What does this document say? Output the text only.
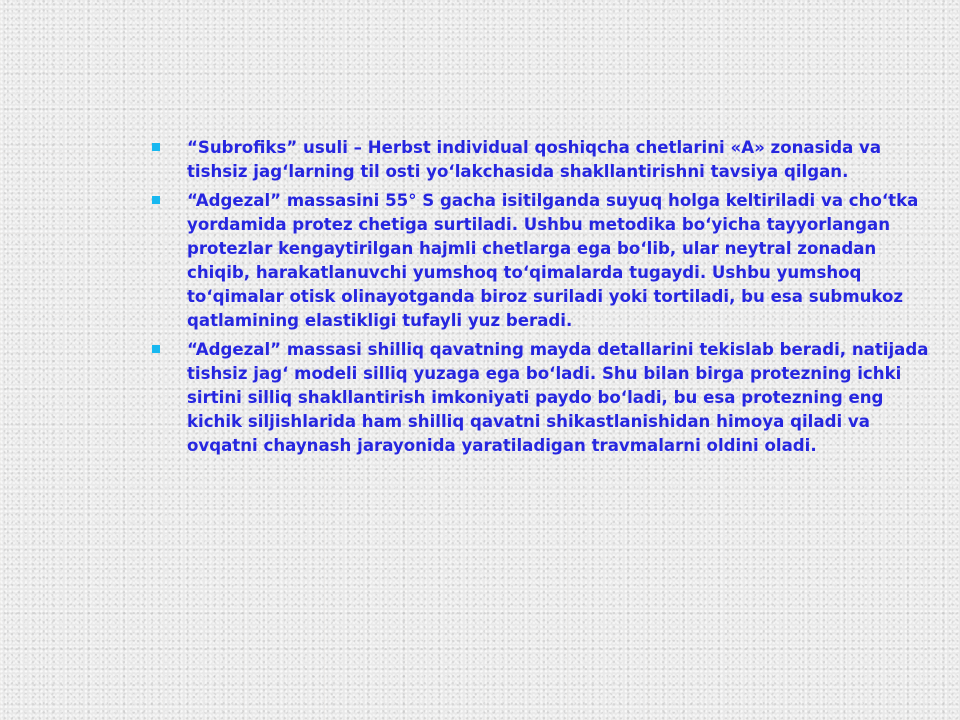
“Subrofiks” usuli – Herbst individual qoshiqcha chetlarini «A» zonasida va tishsiz jag‘larning til osti yo‘lakchasida shakllantirishni tavsiya qilgan.
“Adgezal” massasini 55° S gacha isitilganda suyuq holga keltiriladi va cho‘tka yordamida protez chetiga surtiladi. Ushbu metodika bo‘yicha tayyorlangan protezlar kengaytirilgan hajmli chetlarga ega bo‘lib, ular neytral zonadan chiqib, harakatlanuvchi yumshoq to‘qimalarda tugaydi. Ushbu yumshoq to‘qimalar otisk olinayotganda biroz suriladi yoki tortiladi, bu esa submukoz qatlamining elastikligi tufayli yuz beradi.
“Adgezal” massasi shilliq qavatning mayda detallarini tekislab beradi, natijada tishsiz jag‘ modeli silliq yuzaga ega bo‘ladi. Shu bilan birga protezning ichki sirtini silliq shakllantirish imkoniyati paydo bo‘ladi, bu esa protezning eng kichik siljishlarida ham shilliq qavatni shikastlanishidan himoya qiladi va ovqatni chaynash jarayonida yaratiladigan travmalarni oldini oladi.
